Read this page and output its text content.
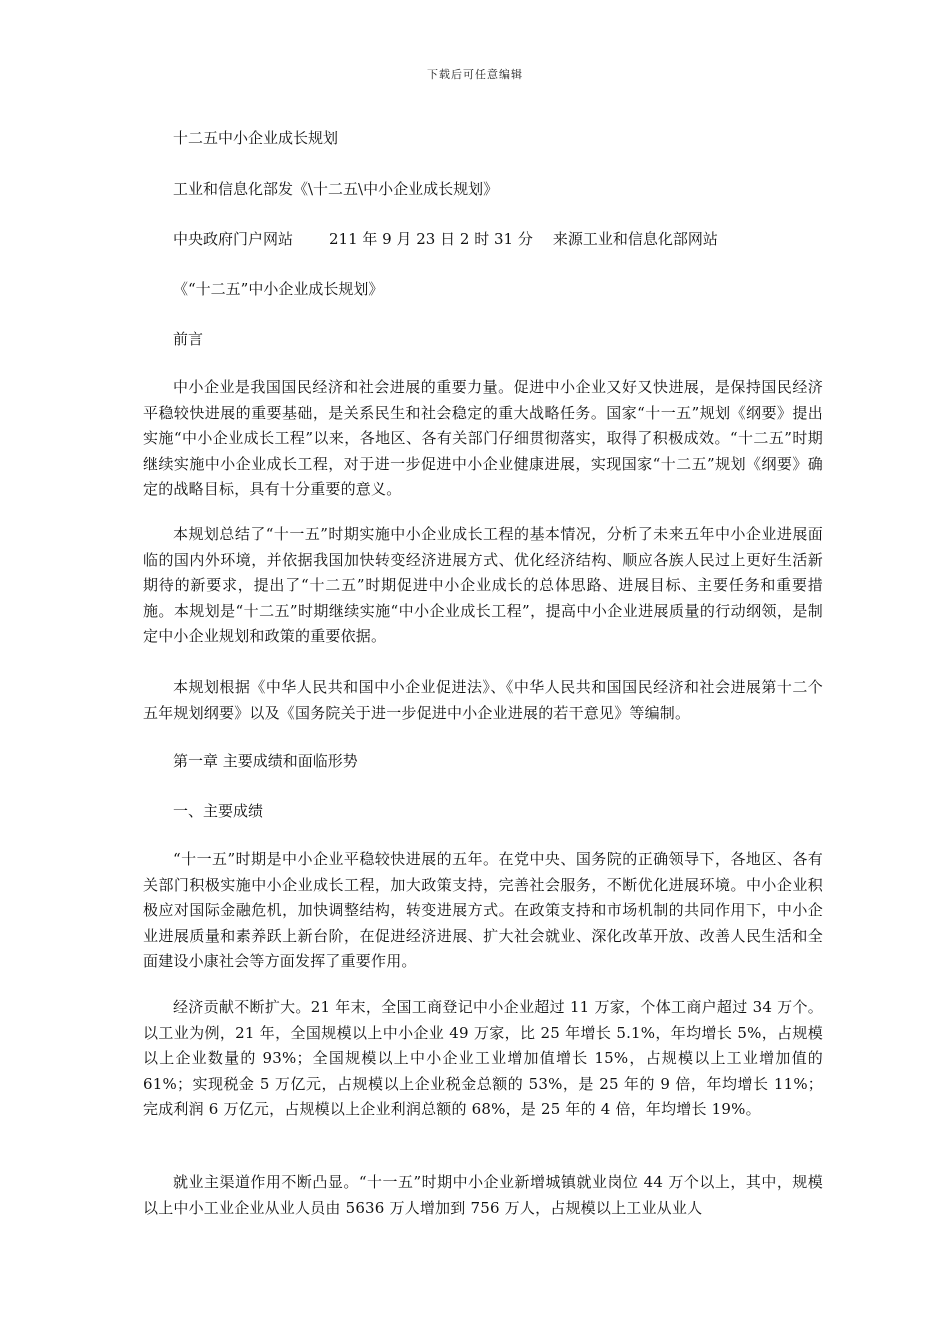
下载后可任意编辑
十二五中小企业成长规划
工业和信息化部发《\十二五\中小企业成长规划》
中央政府门户网站 211 年 9 月 23 日 2 时 31 分 来源工业和信息化部网站
《“十二五”中小企业成长规划》
前言
中小企业是我国国民经济和社会进展的重要力量。促进中小企业又好又快进展，是保持国民经济平稳较快进展的重要基础，是关系民生和社会稳定的重大战略任务。国家“十一五”规划《纲要》提出实施“中小企业成长工程”以来，各地区、各有关部门仔细贯彻落实，取得了积极成效。“十二五”时期继续实施中小企业成长工程，对于进一步促进中小企业健康进展，实现国家“十二五”规划《纲要》确定的战略目标，具有十分重要的意义。
本规划总结了“十一五”时期实施中小企业成长工程的基本情况，分析了未来五年中小企业进展面临的国内外环境，并依据我国加快转变经济进展方式、优化经济结构、顺应各族人民过上更好生活新期待的新要求，提出了“十二五”时期促进中小企业成长的总体思路、进展目标、主要任务和重要措施。本规划是“十二五”时期继续实施“中小企业成长工程”，提高中小企业进展质量的行动纲领，是制定中小企业规划和政策的重要依据。
本规划根据《中华人民共和国中小企业促进法》、《中华人民共和国国民经济和社会进展第十二个五年规划纲要》以及《国务院关于进一步促进中小企业进展的若干意见》等编制。
第一章 主要成绩和面临形势
一、主要成绩
“十一五”时期是中小企业平稳较快进展的五年。在党中央、国务院的正确领导下，各地区、各有关部门积极实施中小企业成长工程，加大政策支持，完善社会服务，不断优化进展环境。中小企业积极应对国际金融危机，加快调整结构，转变进展方式。在政策支持和市场机制的共同作用下，中小企业进展质量和素养跃上新台阶，在促进经济进展、扩大社会就业、深化改革开放、改善人民生活和全面建设小康社会等方面发挥了重要作用。
经济贡献不断扩大。21 年末，全国工商登记中小企业超过 11 万家，个体工商户超过 34 万个。以工业为例，21 年，全国规模以上中小企业 49 万家，比 25 年增长 5.1%，年均增长 5%，占规模以上企业数量的 93%；全国规模以上中小企业工业增加值增长 15%，占规模以上工业增加值的 61%；实现税金 5 万亿元，占规模以上企业税金总额的 53%，是 25 年的 9 倍，年均增长 11%；完成利润 6 万亿元，占规模以上企业利润总额的 68%，是 25 年的 4 倍，年均增长 19%。
就业主渠道作用不断凸显。“十一五”时期中小企业新增城镇就业岗位 44 万个以上，其中，规模以上中小工业企业从业人员由 5636 万人增加到 756 万人，占规模以上工业从业人
